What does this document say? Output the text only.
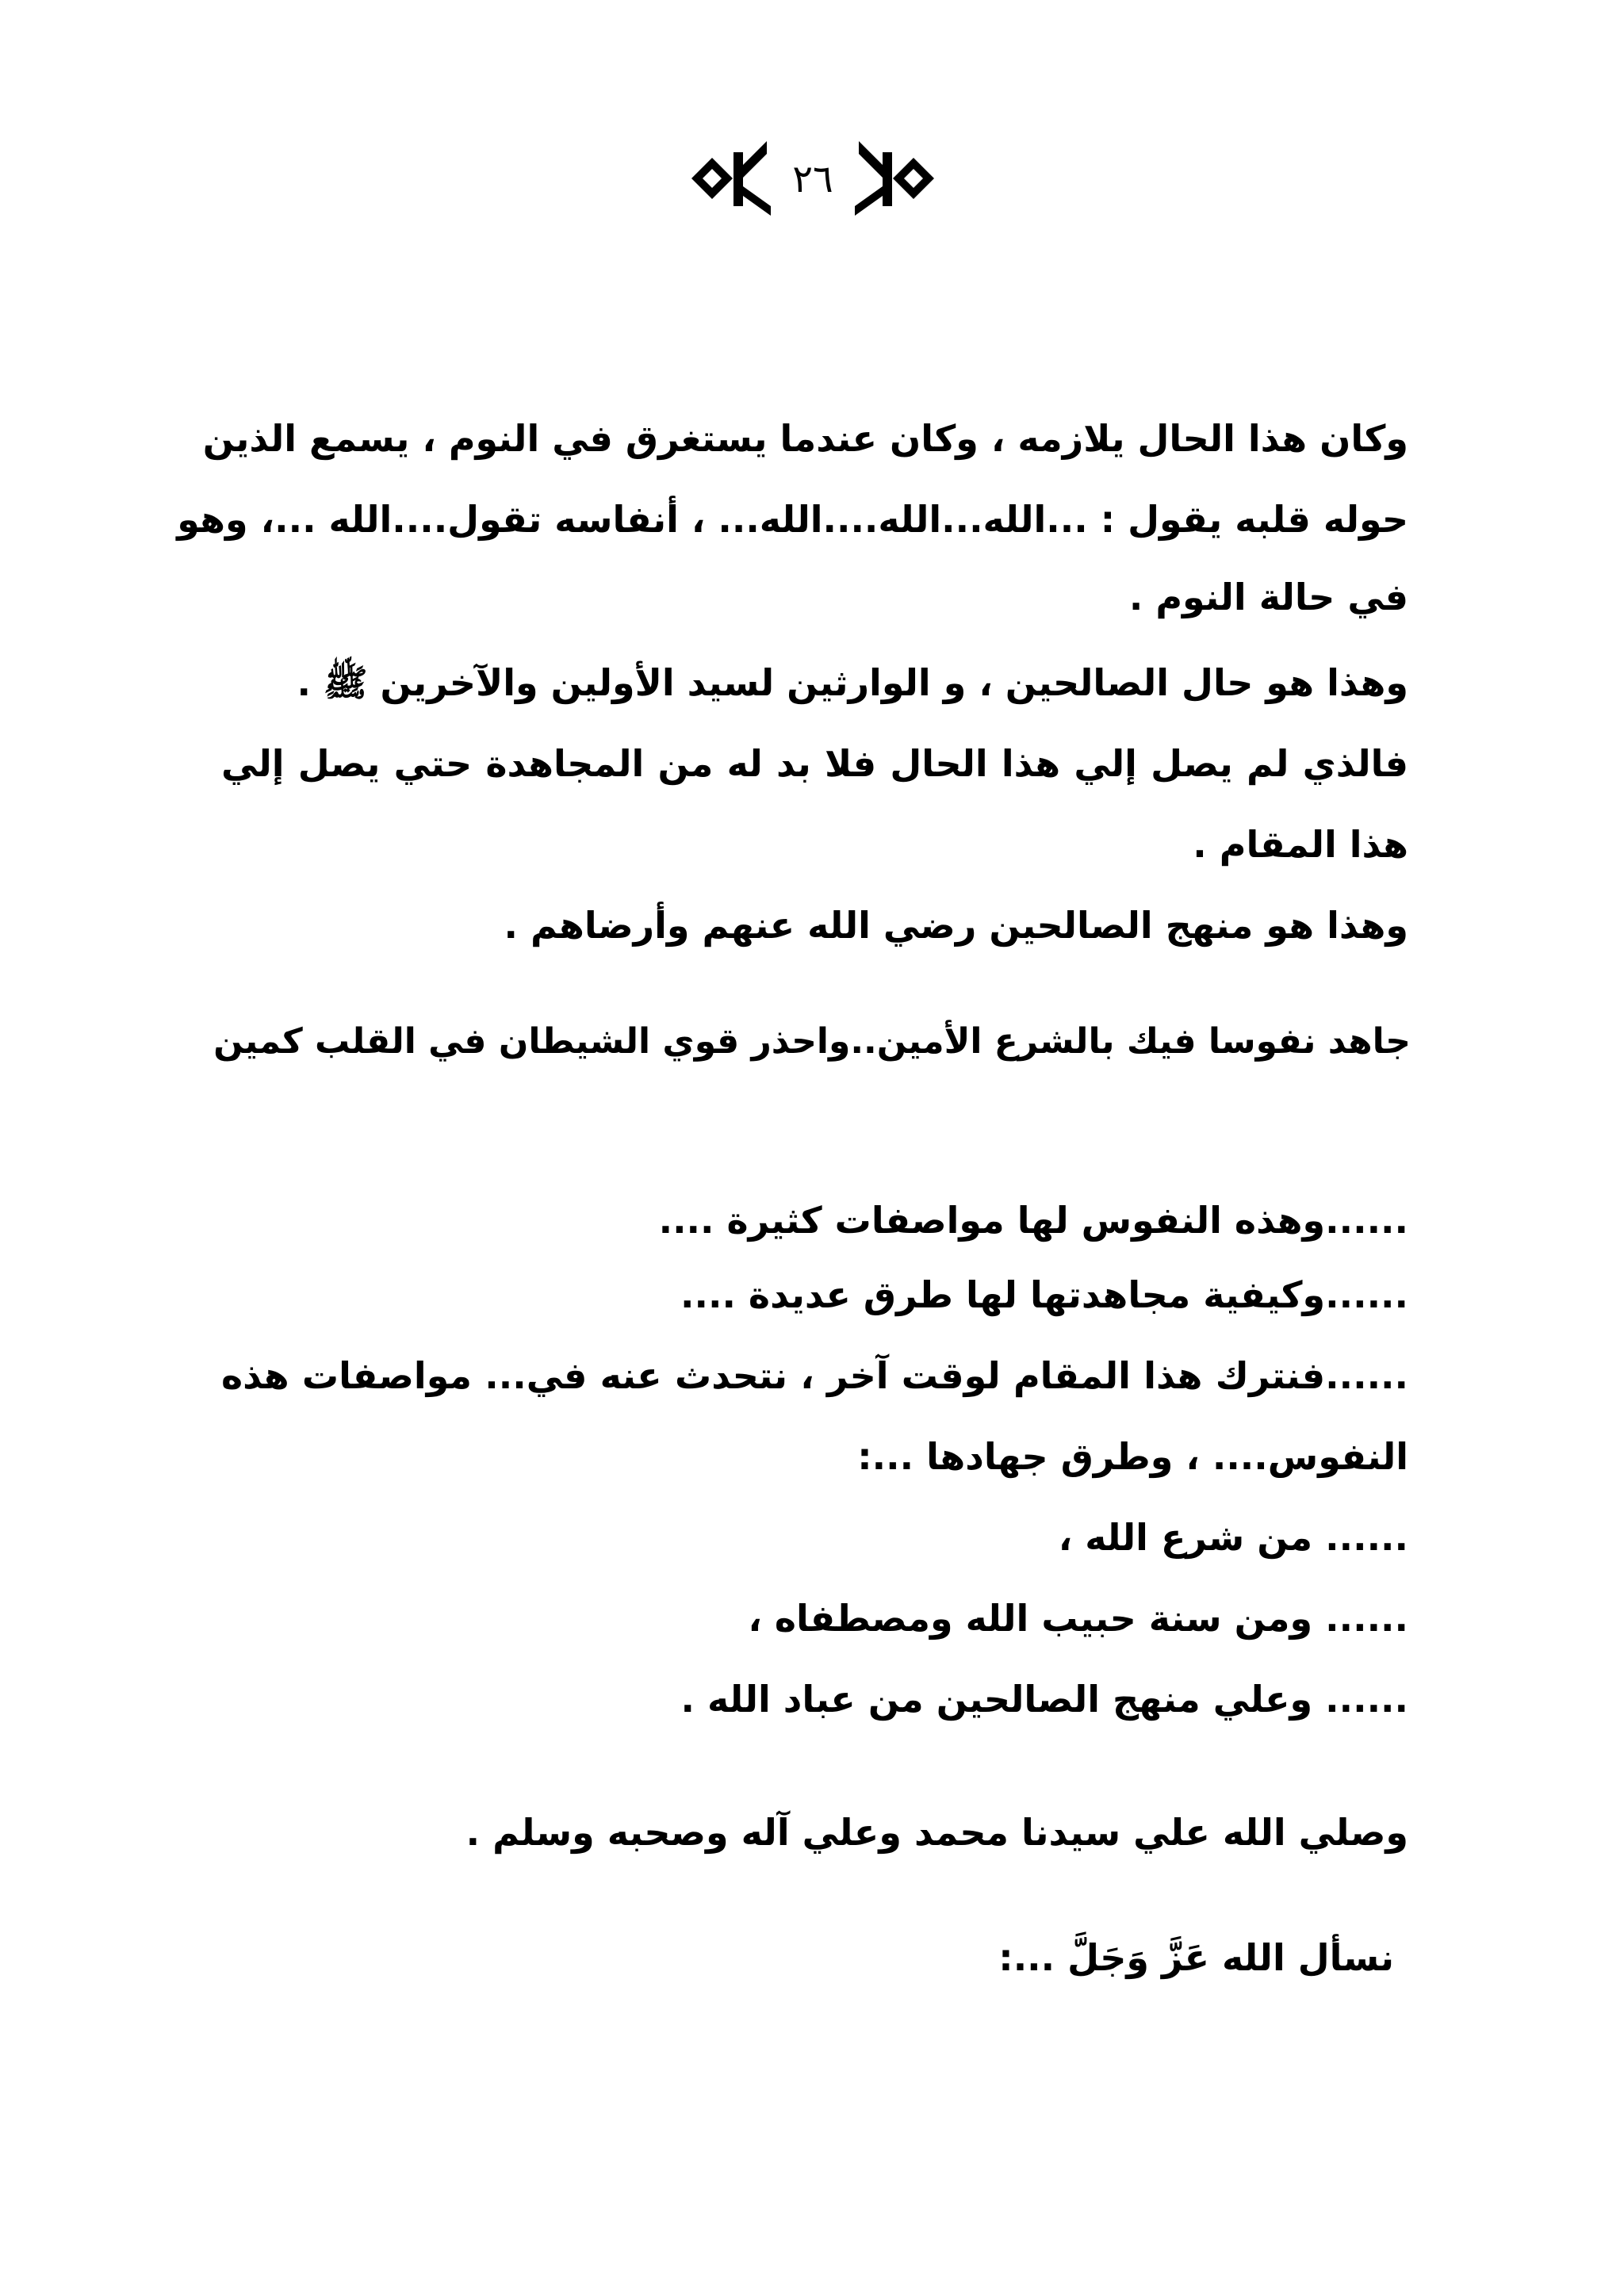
٢٦
وكان هذا الحال يلازمه ، وكان عندما يستغرق في النوم ، يسمع الذين
حوله قلبه يقول : ...الله...الله....الله... ، أنفاسه تقول....الله ...، وهو
في حالة النوم .
وهذا هو حال الصالحين ، و الوارثين لسيد الأولين والآخرين ﷺ .
فالذي لم يصل إلي هذا الحال فلا بد له من المجاهدة حتي يصل إلي
هذا المقام .
وهذا هو منهج الصالحين رضي الله عنهم وأرضاهم .
جاهد نفوسا فيك بالشرع الأمين..واحذر قوي الشيطان في القلب كمين
......وهذه النفوس لها مواصفات كثيرة ....
......وكيفية مجاهدتها لها طرق عديدة ....
......فنترك هذا المقام لوقت آخر ، نتحدث عنه في... مواصفات هذه
النفوس.... ، وطرق جهادها ...:
...... من شرع الله ،
...... ومن سنة حبيب الله ومصطفاه ،
...... وعلي منهج الصالحين من عباد الله .
وصلي الله علي سيدنا محمد وعلي آله وصحبه وسلم .
نسأل الله عَزَّ وَجَلَّ ...:
